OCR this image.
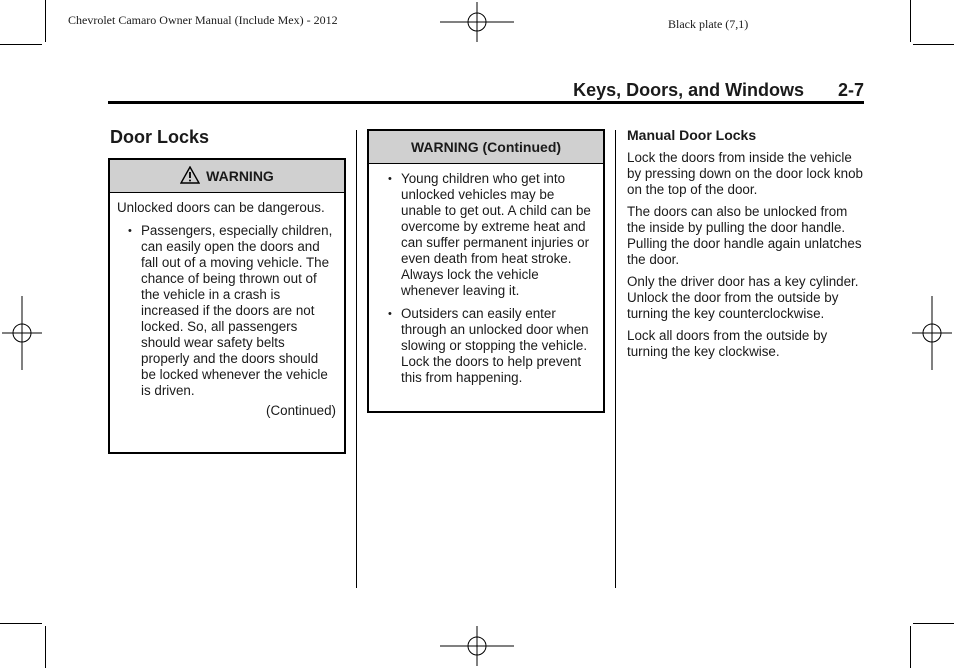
Chevrolet Camaro Owner Manual (Include Mex) - 2012	Black plate (7,1)
Keys, Doors, and Windows 2-7
Door Locks
WARNING
Unlocked doors can be dangerous.
• Passengers, especially children, can easily open the doors and fall out of a moving vehicle. The chance of being thrown out of the vehicle in a crash is increased if the doors are not locked. So, all passengers should wear safety belts properly and the doors should be locked whenever the vehicle is driven.
(Continued)
WARNING (Continued)
• Young children who get into unlocked vehicles may be unable to get out. A child can be overcome by extreme heat and can suffer permanent injuries or even death from heat stroke. Always lock the vehicle whenever leaving it.
• Outsiders can easily enter through an unlocked door when slowing or stopping the vehicle. Lock the doors to help prevent this from happening.
Manual Door Locks

Lock the doors from inside the vehicle by pressing down on the door lock knob on the top of the door.

The doors can also be unlocked from the inside by pulling the door handle. Pulling the door handle again unlatches the door.

Only the driver door has a key cylinder. Unlock the door from the outside by turning the key counterclockwise.

Lock all doors from the outside by turning the key clockwise.
